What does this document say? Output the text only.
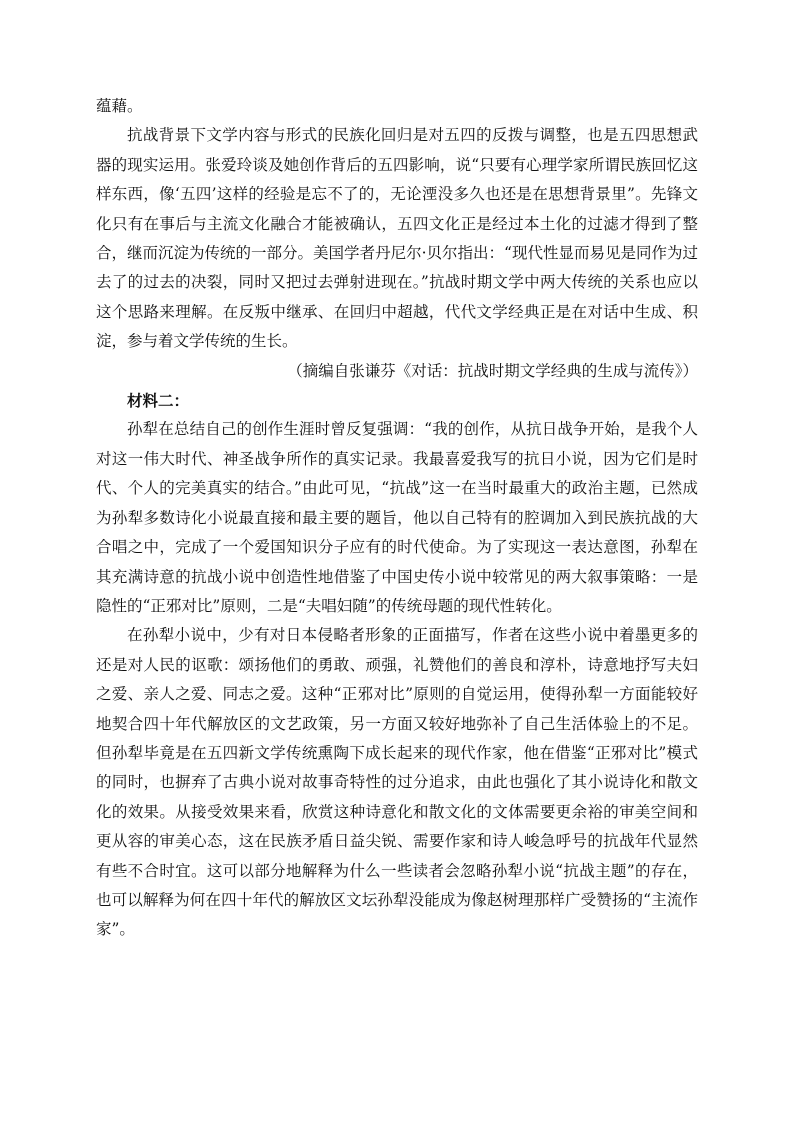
蕴藉。

抗战背景下文学内容与形式的民族化回归是对五四的反拨与调整，也是五四思想武器的现实运用。张爱玲谈及她创作背后的五四影响，说“只要有心理学家所谓民族回忆这样东西，像‘五四’这样的经验是忘不了的，无论湮没多久也还是在思想背景里”。先锋文化只有在事后与主流文化融合才能被确认，五四文化正是经过本土化的过滤才得到了整合，继而沉淀为传统的一部分。美国学者丹尼尔·贝尔指出：“现代性显而易见是同作为过去了的过去的决裂，同时又把过去弹射进现在。”抗战时期文学中两大传统的关系也应以这个思路来理解。在反叛中继承、在回归中超越，代代文学经典正是在对话中生成、积淀，参与着文学传统的生长。

（摘编自张谦芬《对话：抗战时期文学经典的生成与流传》）

材料二：

孙犁在总结自己的创作生涯时曾反复强调：“我的创作，从抗日战争开始，是我个人对这一伟大时代、神圣战争所作的真实记录。我最喜爱我写的抗日小说，因为它们是时代、个人的完美真实的结合。”由此可见，“抗战”这一在当时最重大的政治主题，已然成为孙犁多数诗化小说最直接和最主要的题旨，他以自己特有的腔调加入到民族抗战的大合唱之中，完成了一个爱国知识分子应有的时代使命。为了实现这一表达意图，孙犁在其充满诗意的抗战小说中创造性地借鉴了中国史传小说中较常见的两大叙事策略：一是隐性的“正邪对比”原则，二是“夫唱妇随”的传统母题的现代性转化。

在孙犁小说中，少有对日本侵略者形象的正面描写，作者在这些小说中着墨更多的还是对人民的讴歌：颂扬他们的勇敢、顽强，礼赞他们的善良和淳朴，诗意地抒写夫妇之爱、亲人之爱、同志之爱。这种“正邪对比”原则的自觉运用，使得孙犁一方面能较好地契合四十年代解放区的文艺政策，另一方面又较好地弥补了自己生活体验上的不足。但孙犁毕竟是在五四新文学传统熏陶下成长起来的现代作家，他在借鉴“正邪对比”模式的同时，也摒弃了古典小说对故事奇特性的过分追求，由此也强化了其小说诗化和散文化的效果。从接受效果来看，欣赏这种诗意化和散文化的文体需要更余裕的审美空间和更从容的审美心态，这在民族矛盾日益尖锐、需要作家和诗人峻急呼号的抗战年代显然有些不合时宜。这可以部分地解释为什么一些读者会忽略孙犁小说“抗战主题”的存在，也可以解释为何在四十年代的解放区文坛孙犁没能成为像赵树理那样广受赞扬的“主流作家”。
